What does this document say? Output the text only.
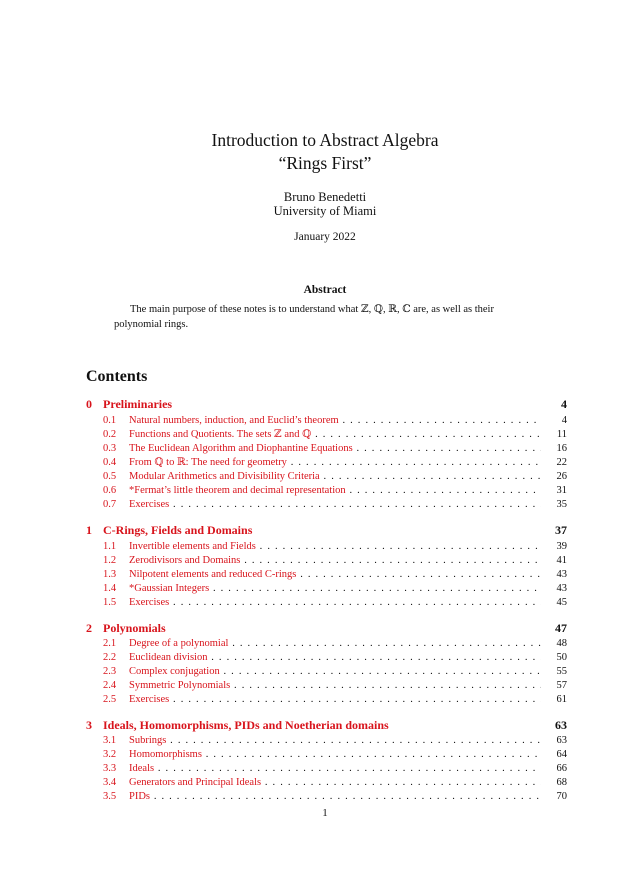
Introduction to Abstract Algebra
“Rings First”
Bruno Benedetti
University of Miami
January 2022
Abstract
The main purpose of these notes is to understand what ℤ, ℚ, ℝ, ℂ are, as well as their polynomial rings.
Contents
0 Preliminaries	4
0.1 Natural numbers, induction, and Euclid’s theorem . . .	4
0.2 Functions and Quotients. The sets ℤ and ℚ . . .	11
0.3 The Euclidean Algorithm and Diophantine Equations . . .	16
0.4 From ℚ to ℝ: The need for geometry . . .	22
0.5 Modular Arithmetics and Divisibility Criteria . . .	26
0.6 *Fermat’s little theorem and decimal representation . . .	31
0.7 Exercises . . .	35
1 C-Rings, Fields and Domains	37
1.1 Invertible elements and Fields . . .	39
1.2 Zerodivisors and Domains . . .	41
1.3 Nilpotent elements and reduced C-rings . . .	43
1.4 *Gaussian Integers . . .	43
1.5 Exercises . . .	45
2 Polynomials	47
2.1 Degree of a polynomial . . .	48
2.2 Euclidean division . . .	50
2.3 Complex conjugation . . .	55
2.4 Symmetric Polynomials . . .	57
2.5 Exercises . . .	61
3 Ideals, Homomorphisms, PIDs and Noetherian domains	63
3.1 Subrings . . .	63
3.2 Homomorphisms . . .	64
3.3 Ideals . . .	66
3.4 Generators and Principal Ideals . . .	68
3.5 PIDs . . .	70
1
